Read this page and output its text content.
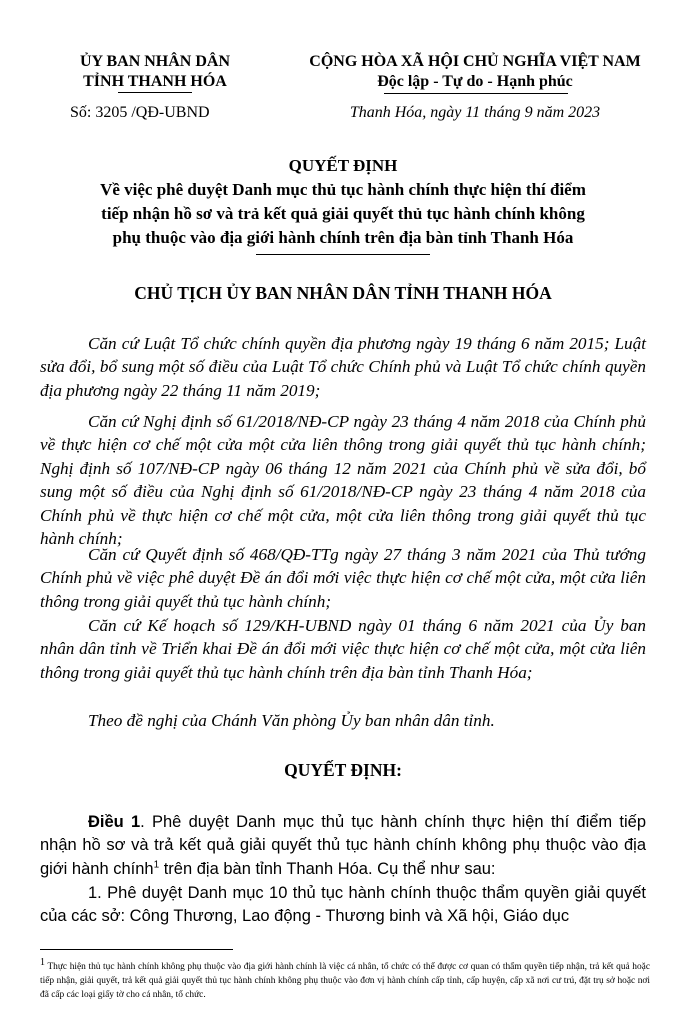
ỦY BAN NHÂN DÂN
TỈNH THANH HÓA
Số: 3205 /QĐ-UBND
CỘNG HÒA XÃ HỘI CHỦ NGHĨA VIỆT NAM
Độc lập - Tự do - Hạnh phúc
Thanh Hóa, ngày 11 tháng 9 năm 2023
QUYẾT ĐỊNH
Về việc phê duyệt Danh mục thủ tục hành chính thực hiện thí điểm
tiếp nhận hồ sơ và trả kết quả giải quyết thủ tục hành chính không
phụ thuộc vào địa giới hành chính trên địa bàn tỉnh Thanh Hóa
CHỦ TỊCH ỦY BAN NHÂN DÂN TỈNH THANH HÓA
Căn cứ Luật Tổ chức chính quyền địa phương ngày 19 tháng 6 năm 2015; Luật sửa đổi, bổ sung một số điều của Luật Tổ chức Chính phủ và Luật Tổ chức chính quyền địa phương ngày 22 tháng 11 năm 2019;
Căn cứ Nghị định số 61/2018/NĐ-CP ngày 23 tháng 4 năm 2018 của Chính phủ về thực hiện cơ chế một cửa một cửa liên thông trong giải quyết thủ tục hành chính; Nghị định số 107/NĐ-CP ngày 06 tháng 12 năm 2021 của Chính phủ về sửa đổi, bổ sung một số điều của Nghị định số 61/2018/NĐ-CP ngày 23 tháng 4 năm 2018 của Chính phủ về thực hiện cơ chế một cửa, một cửa liên thông trong giải quyết thủ tục hành chính;
Căn cứ Quyết định số 468/QĐ-TTg ngày 27 tháng 3 năm 2021 của Thủ tướng Chính phủ về việc phê duyệt Đề án đổi mới việc thực hiện cơ chế một cửa, một cửa liên thông trong giải quyết thủ tục hành chính;
Căn cứ Kế hoạch số 129/KH-UBND ngày 01 tháng 6 năm 2021 của Ủy ban nhân dân tỉnh về Triển khai Đề án đổi mới việc thực hiện cơ chế một cửa, một cửa liên thông trong giải quyết thủ tục hành chính trên địa bàn tỉnh Thanh Hóa;
Theo đề nghị của Chánh Văn phòng Ủy ban nhân dân tỉnh.
QUYẾT ĐỊNH:
Điều 1. Phê duyệt Danh mục thủ tục hành chính thực hiện thí điểm tiếp nhận hồ sơ và trả kết quả giải quyết thủ tục hành chính không phụ thuộc vào địa giới hành chính$^1$ trên địa bàn tỉnh Thanh Hóa. Cụ thể như sau:
1. Phê duyệt Danh mục 10 thủ tục hành chính thuộc thẩm quyền giải quyết của các sở: Công Thương, Lao động - Thương binh và Xã hội, Giáo dục
$^1$ Thực hiện thủ tục hành chính không phụ thuộc vào địa giới hành chính là việc cá nhân, tổ chức có thể được cơ quan có thẩm quyền tiếp nhận, trả kết quả hoặc tiếp nhận, giải quyết, trả kết quả giải quyết thủ tục hành chính không phụ thuộc vào đơn vị hành chính cấp tỉnh, cấp huyện, cấp xã nơi cư trú, đặt trụ sở hoặc nơi đã cấp các loại giấy tờ cho cá nhân, tổ chức.
